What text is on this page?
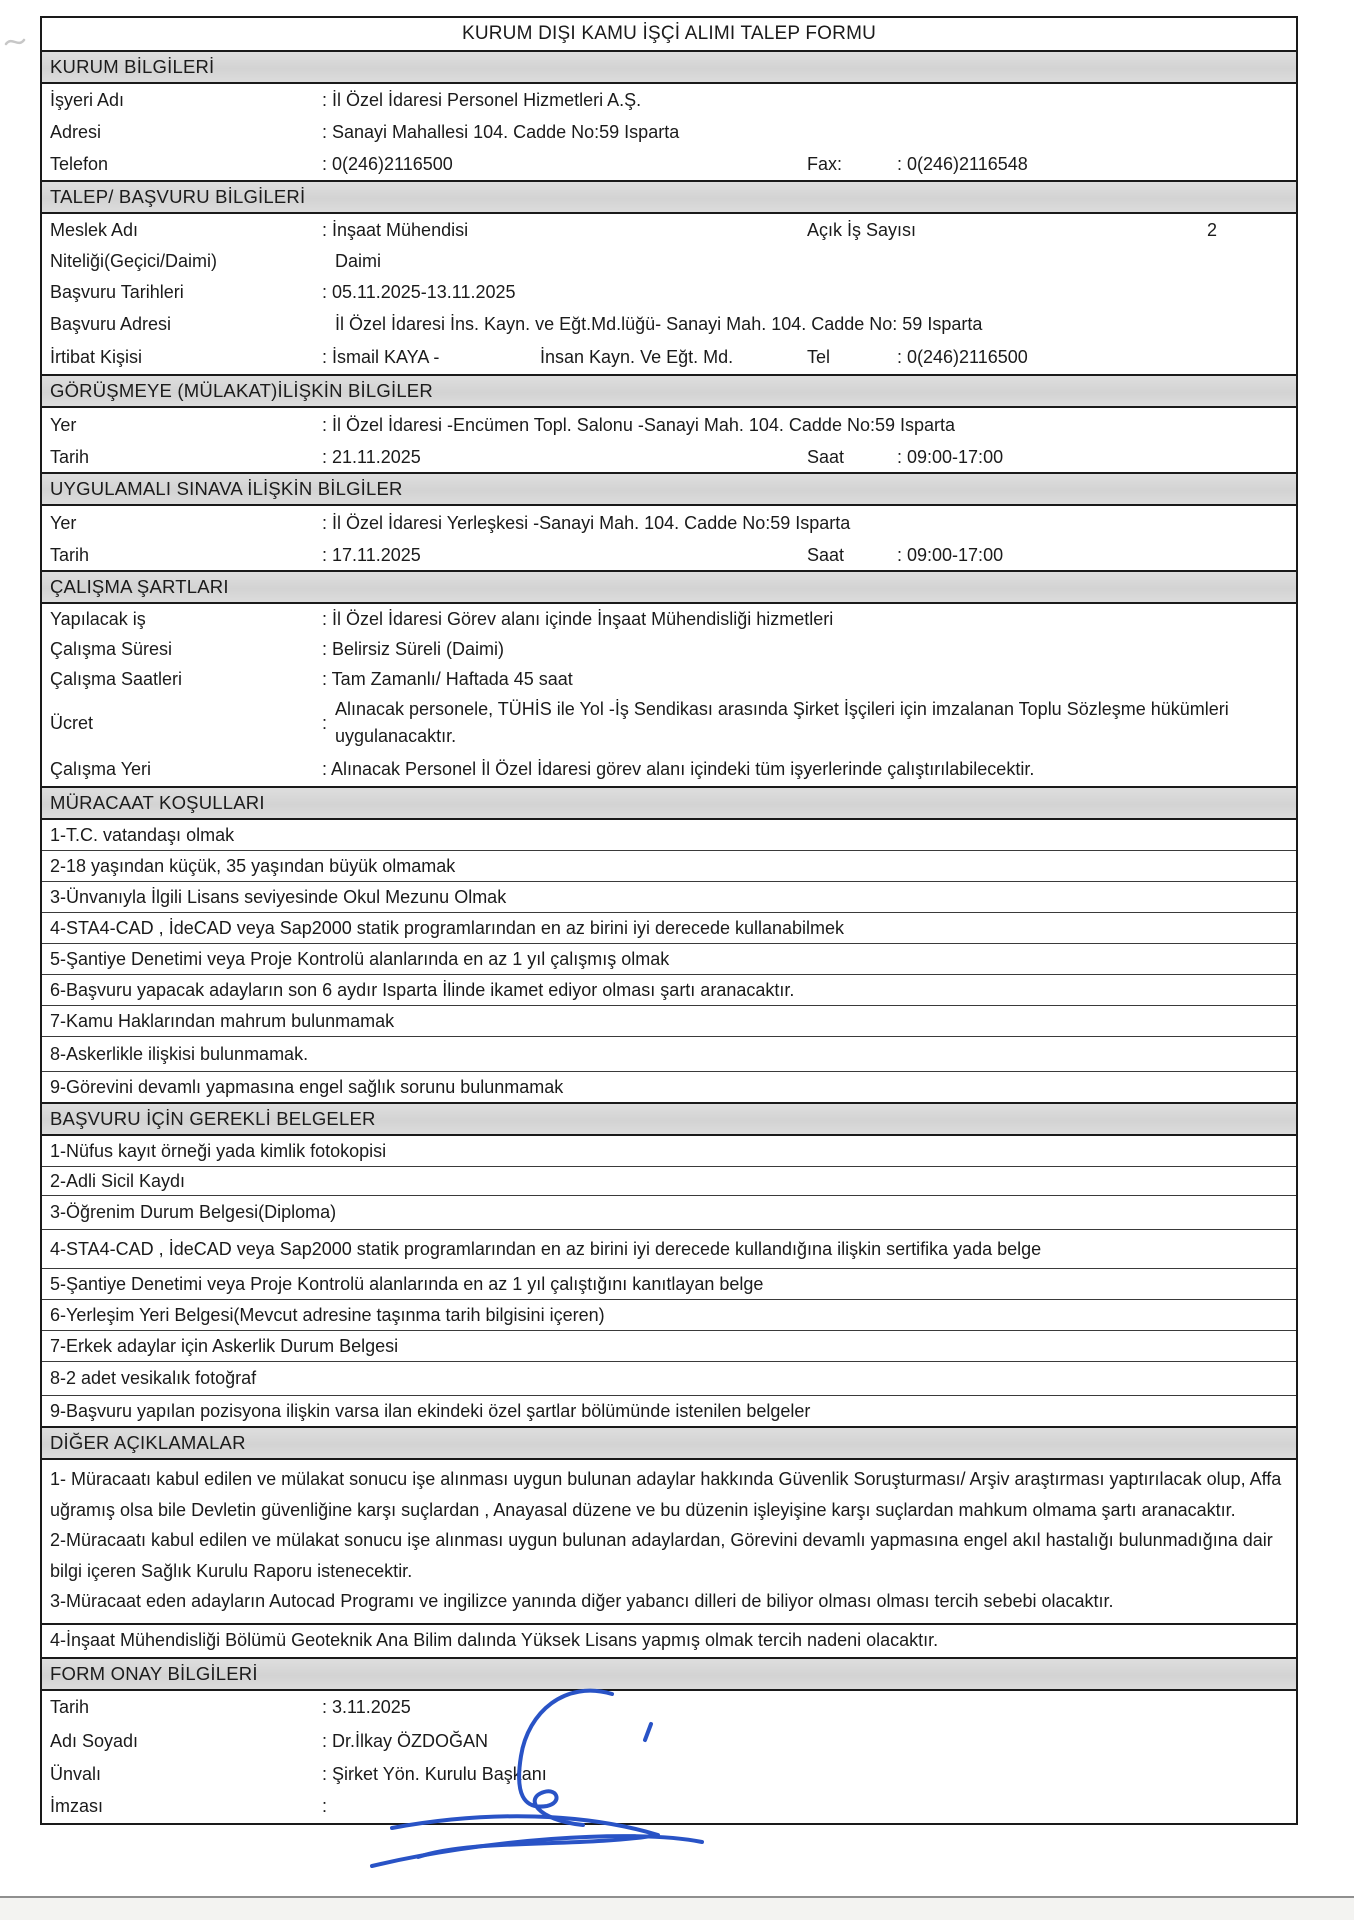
KURUM DIŞI KAMU İŞÇİ ALIMI TALEP FORMU
KURUM BİLGİLERİ
İşyeri Adı	: İl Özel İdaresi Personel Hizmetleri A.Ş.
Adresi	: Sanayi Mahallesi 104. Cadde No:59 Isparta
Telefon	: 0(246)2116500	Fax:	: 0(246)2116548
TALEP/ BAŞVURU BİLGİLERİ
Meslek Adı	: İnşaat Mühendisi	Açık İş Sayısı	2
Niteliği(Geçici/Daimi)	Daimi
Başvuru Tarihleri	: 05.11.2025-13.11.2025
Başvuru Adresi	İl Özel İdaresi İns. Kayn. ve Eğt.Md.lüğü- Sanayi Mah. 104. Cadde No: 59 Isparta
İrtibat Kişisi	: İsmail KAYA -	İnsan Kayn. Ve Eğt. Md.	Tel	: 0(246)2116500
GÖRÜŞMEYE (MÜLAKAT)İLİŞKİN BİLGİLER
Yer	: İl Özel İdaresi -Encümen Topl. Salonu -Sanayi Mah. 104. Cadde No:59 Isparta
Tarih	: 21.11.2025	Saat	: 09:00-17:00
UYGULAMALI SINAVA İLİŞKİN BİLGİLER
Yer	: İl Özel İdaresi Yerleşkesi -Sanayi Mah. 104. Cadde No:59 Isparta
Tarih	: 17.11.2025	Saat	: 09:00-17:00
ÇALIŞMA ŞARTLARI
Yapılacak iş	: İl Özel İdaresi Görev alanı içinde İnşaat Mühendisliği hizmetleri
Çalışma Süresi	: Belirsiz Süreli (Daimi)
Çalışma Saatleri	: Tam Zamanlı/ Haftada 45 saat
Ücret	:
Alınacak personele, TÜHİS ile Yol -İş Sendikası arasında Şirket İşçileri için imzalanan Toplu Sözleşme hükümleri uygulanacaktır.
Çalışma Yeri	: Alınacak Personel İl Özel İdaresi görev alanı içindeki tüm işyerlerinde çalıştırılabilecektir.
MÜRACAAT KOŞULLARI
1-T.C. vatandaşı olmak
2-18 yaşından küçük, 35 yaşından büyük olmamak
3-Ünvanıyla İlgili Lisans seviyesinde Okul Mezunu Olmak
4-STA4-CAD , İdeCAD veya Sap2000 statik programlarından en az birini iyi derecede kullanabilmek
5-Şantiye Denetimi veya Proje Kontrolü alanlarında en az 1 yıl çalışmış olmak
6-Başvuru yapacak adayların son 6 aydır Isparta İlinde ikamet ediyor olması şartı aranacaktır.
7-Kamu Haklarından mahrum bulunmamak
8-Askerlikle ilişkisi bulunmamak.
9-Görevini devamlı yapmasına engel sağlık sorunu bulunmamak
BAŞVURU İÇİN GEREKLİ BELGELER
1-Nüfus kayıt örneği yada kimlik fotokopisi
2-Adli Sicil Kaydı
3-Öğrenim Durum Belgesi(Diploma)
4-STA4-CAD , İdeCAD veya Sap2000 statik programlarından en az birini iyi derecede kullandığına ilişkin sertifika yada belge
5-Şantiye Denetimi veya Proje Kontrolü alanlarında en az 1 yıl çalıştığını kanıtlayan belge
6-Yerleşim Yeri Belgesi(Mevcut adresine taşınma tarih bilgisini içeren)
7-Erkek adaylar için Askerlik Durum Belgesi
8-2 adet vesikalık fotoğraf
9-Başvuru yapılan pozisyona ilişkin varsa ilan ekindeki özel şartlar bölümünde istenilen belgeler
DİĞER AÇIKLAMALAR
1- Müracaatı kabul edilen ve mülakat sonucu işe alınması uygun bulunan adaylar hakkında Güvenlik Soruşturması/ Arşiv araştırması yaptırılacak olup, Affa uğramış olsa bile Devletin güvenliğine karşı suçlardan , Anayasal düzene ve bu düzenin işleyişine karşı suçlardan mahkum olmama şartı aranacaktır.
2-Müracaatı kabul edilen ve mülakat sonucu işe alınması uygun bulunan adaylardan, Görevini devamlı yapmasına engel akıl hastalığı bulunmadığına dair bilgi içeren Sağlık Kurulu Raporu istenecektir.
3-Müracaat eden adayların Autocad Programı ve ingilizce yanında diğer yabancı dilleri de biliyor olması olması tercih sebebi olacaktır.
4-İnşaat Mühendisliği Bölümü Geoteknik Ana Bilim dalında Yüksek Lisans yapmış olmak tercih nadeni olacaktır.
FORM ONAY BİLGİLERİ
Tarih	: 3.11.2025
Adı Soyadı	: Dr.İlkay ÖZDOĞAN
Ünvalı	: Şirket Yön. Kurulu Başkanı
İmzası	:
